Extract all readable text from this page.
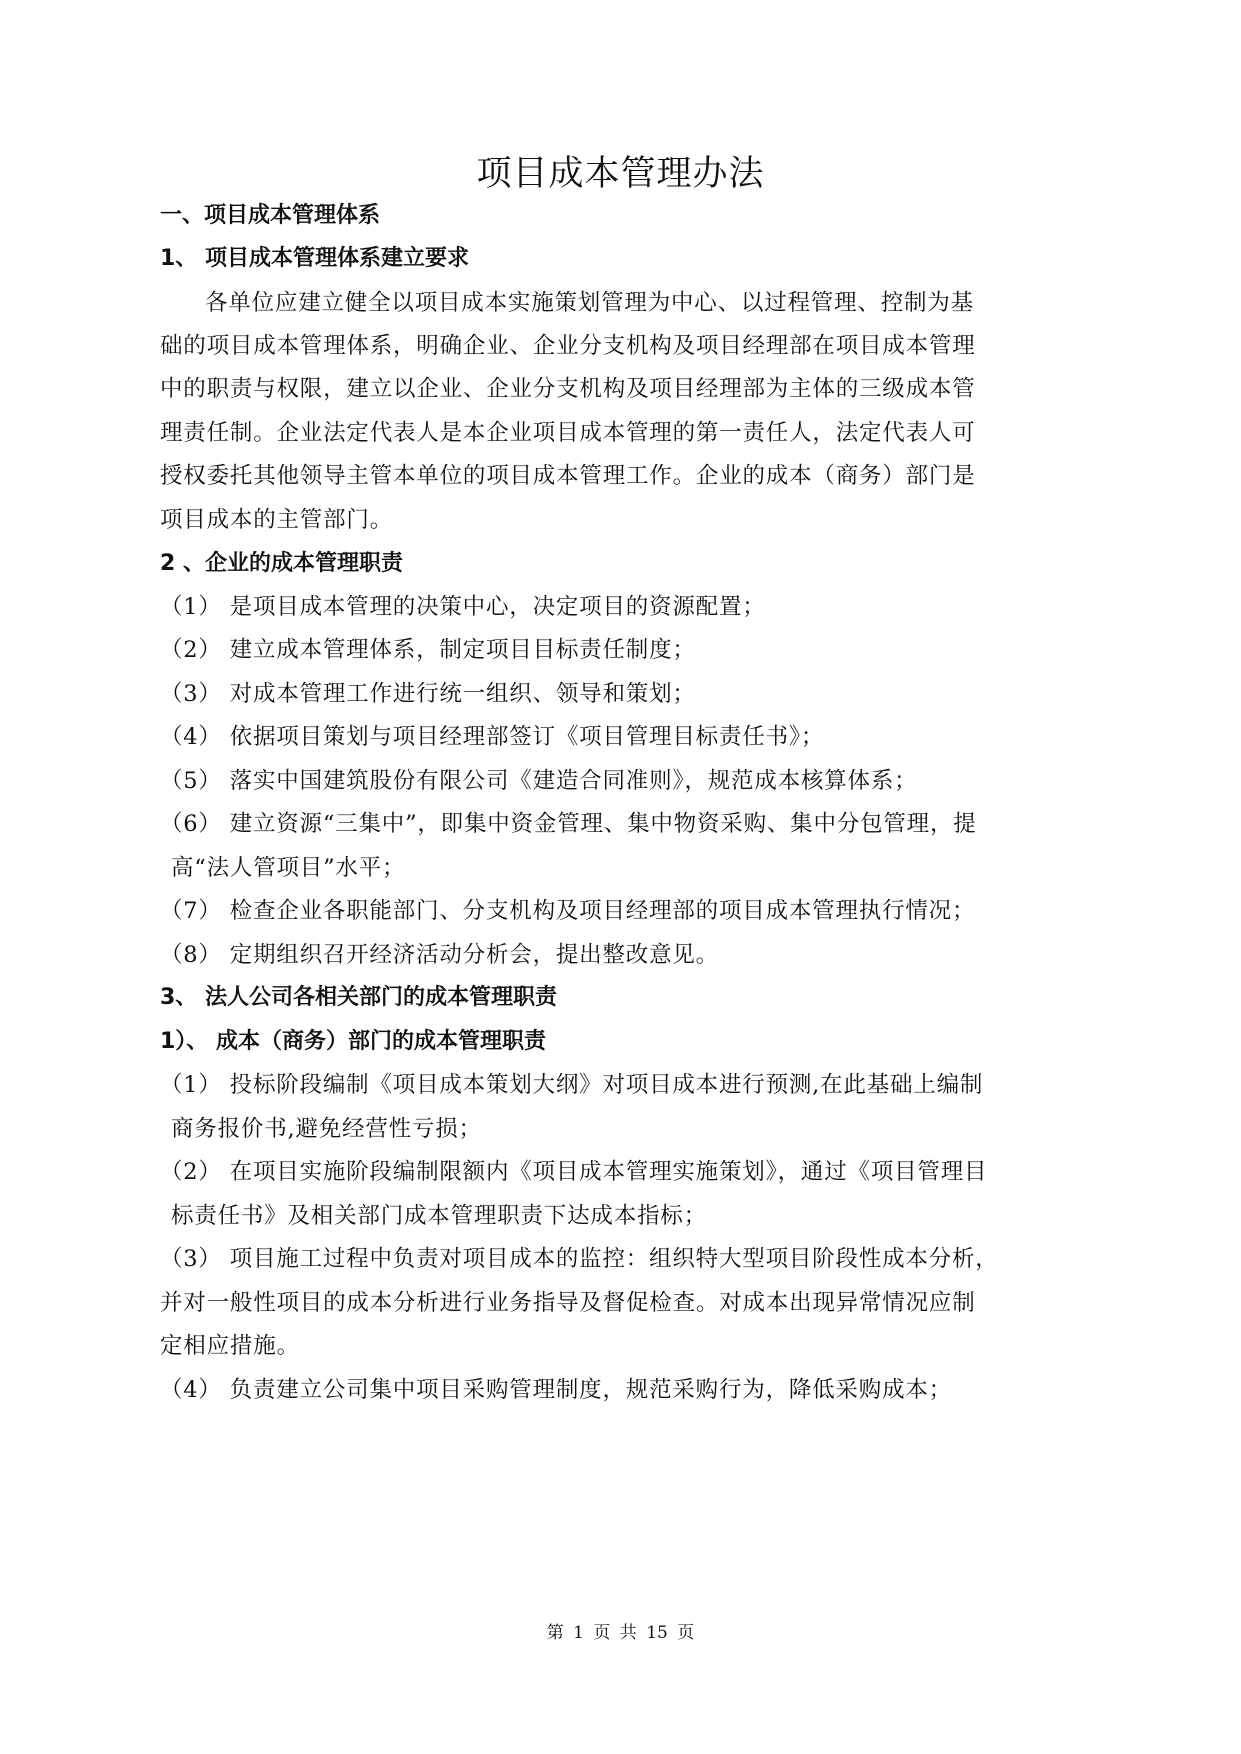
项目成本管理办法
一、项目成本管理体系
1、 项目成本管理体系建立要求
各单位应建立健全以项目成本实施策划管理为中心、以过程管理、控制为基
础的项目成本管理体系，明确企业、企业分支机构及项目经理部在项目成本管理
中的职责与权限，建立以企业、企业分支机构及项目经理部为主体的三级成本管
理责任制。企业法定代表人是本企业项目成本管理的第一责任人，法定代表人可
授权委托其他领导主管本单位的项目成本管理工作。企业的成本（商务）部门是
项目成本的主管部门。
2 、企业的成本管理职责
（1） 是项目成本管理的决策中心，决定项目的资源配置；
（2） 建立成本管理体系，制定项目目标责任制度；
（3） 对成本管理工作进行统一组织、领导和策划；
（4） 依据项目策划与项目经理部签订《项目管理目标责任书》；
（5） 落实中国建筑股份有限公司《建造合同准则》，规范成本核算体系；
（6） 建立资源“三集中”，即集中资金管理、集中物资采购、集中分包管理，提
高“法人管项目”水平；
（7） 检查企业各职能部门、分支机构及项目经理部的项目成本管理执行情况；
（8） 定期组织召开经济活动分析会，提出整改意见。
3、 法人公司各相关部门的成本管理职责
1）、 成本（商务）部门的成本管理职责
（1） 投标阶段编制《项目成本策划大纲》对项目成本进行预测,在此基础上编制
商务报价书,避免经营性亏损；
（2） 在项目实施阶段编制限额内《项目成本管理实施策划》，通过《项目管理目
标责任书》及相关部门成本管理职责下达成本指标；
（3） 项目施工过程中负责对项目成本的监控：组织特大型项目阶段性成本分析，
并对一般性项目的成本分析进行业务指导及督促检查。对成本出现异常情况应制
定相应措施。
（4） 负责建立公司集中项目采购管理制度，规范采购行为，降低采购成本；
第 1 页 共 15 页
